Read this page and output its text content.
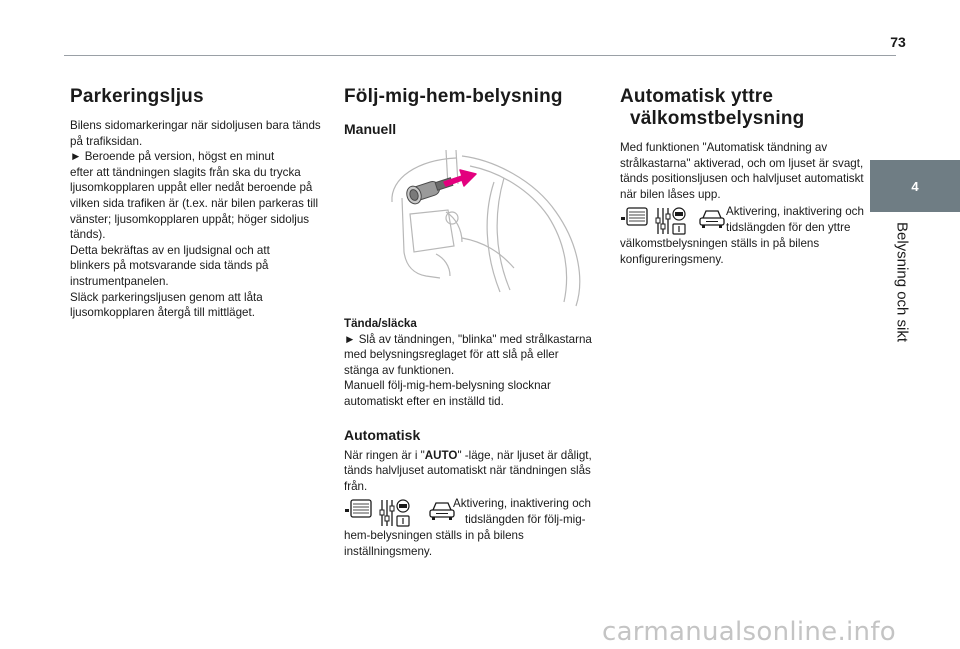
73
4
Belysning och sikt
Parkeringsljus
Bilens sidomarkeringar när sidoljusen bara tänds
på trafiksidan.
► Beroende på version, högst en minut
efter att tändningen slagits från ska du trycka
ljusomkopplaren uppåt eller nedåt beroende på
vilken sida trafiken är (t.ex. när bilen parkeras till
vänster; ljusomkopplaren uppåt; höger sidoljus
tänds).
Detta bekräftas av en ljudsignal och att
blinkers på motsvarande sida tänds på
instrumentpanelen.
Släck parkeringsljusen genom att låta
ljusomkopplaren återgå till mittläget.
Följ-mig-hem-belysning
Manuell
Tända/släcka
► Slå av tändningen, "blinka" med strålkastarna
med belysningsreglaget för att slå på eller
stänga av funktionen.
Manuell följ-mig-hem-belysning slocknar
automatiskt efter en inställd tid.
Automatisk
När ringen är i "AUTO" -läge, när ljuset är dåligt,
tänds halvljuset automatiskt när tändningen slås
från.
Aktivering, inaktivering och
tidslängden för följ-mig-
hem-belysningen ställs in på bilens
inställningsmeny.
Automatisk yttre
välkomstbelysning
Med funktionen "Automatisk tändning av
strålkastarna" aktiverad, och om ljuset är svagt,
tänds positionsljusen och halvljuset automatiskt
när bilen låses upp.
Aktivering, inaktivering och
tidslängden för den yttre
välkomstbelysningen ställs in på bilens
konfigureringsmeny.
carmanualsonline.info
